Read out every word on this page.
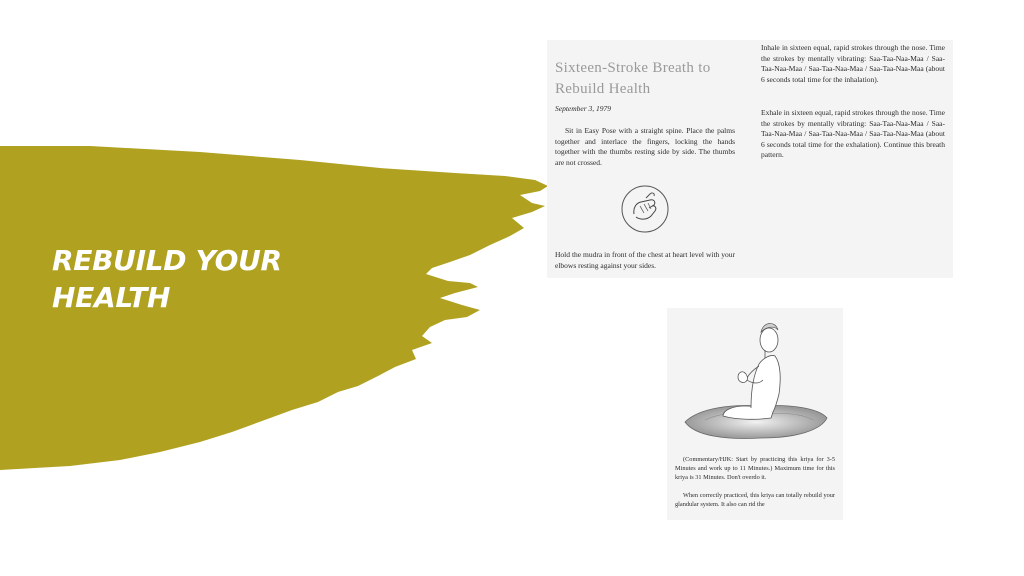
REBUILD YOUR
HEALTH
Sixteen-Stroke Breath to Rebuild Health
September 3, 1979
Sit in Easy Pose with a straight spine. Place the palms together and interlace the fingers, locking the hands together with the thumbs resting side by side. The thumbs are not crossed.
Hold the mudra in front of the chest at heart level with your elbows resting against your sides.
Inhale in sixteen equal, rapid strokes through the nose. Time the strokes by mentally vibrating: Saa-Taa-Naa-Maa / Saa-Taa-Naa-Maa / Saa-Taa-Naa-Maa / Saa-Taa-Naa-Maa (about 6 seconds total time for the inhalation).
Exhale in sixteen equal, rapid strokes through the nose. Time the strokes by mentally vibrating: Saa-Taa-Naa-Maa / Saa-Taa-Naa-Maa / Saa-Taa-Naa-Maa / Saa-Taa-Naa-Maa (about 6 seconds total time for the exhalation). Continue this breath pattern.
(Commentary/HJK: Start by practicing this kriya for 3-5 Minutes and work up to 11 Minutes.) Maximum time for this kriya is 31 Minutes. Don't overdo it.
When correctly practiced, this kriya can totally rebuild your glandular system. It also can rid the
